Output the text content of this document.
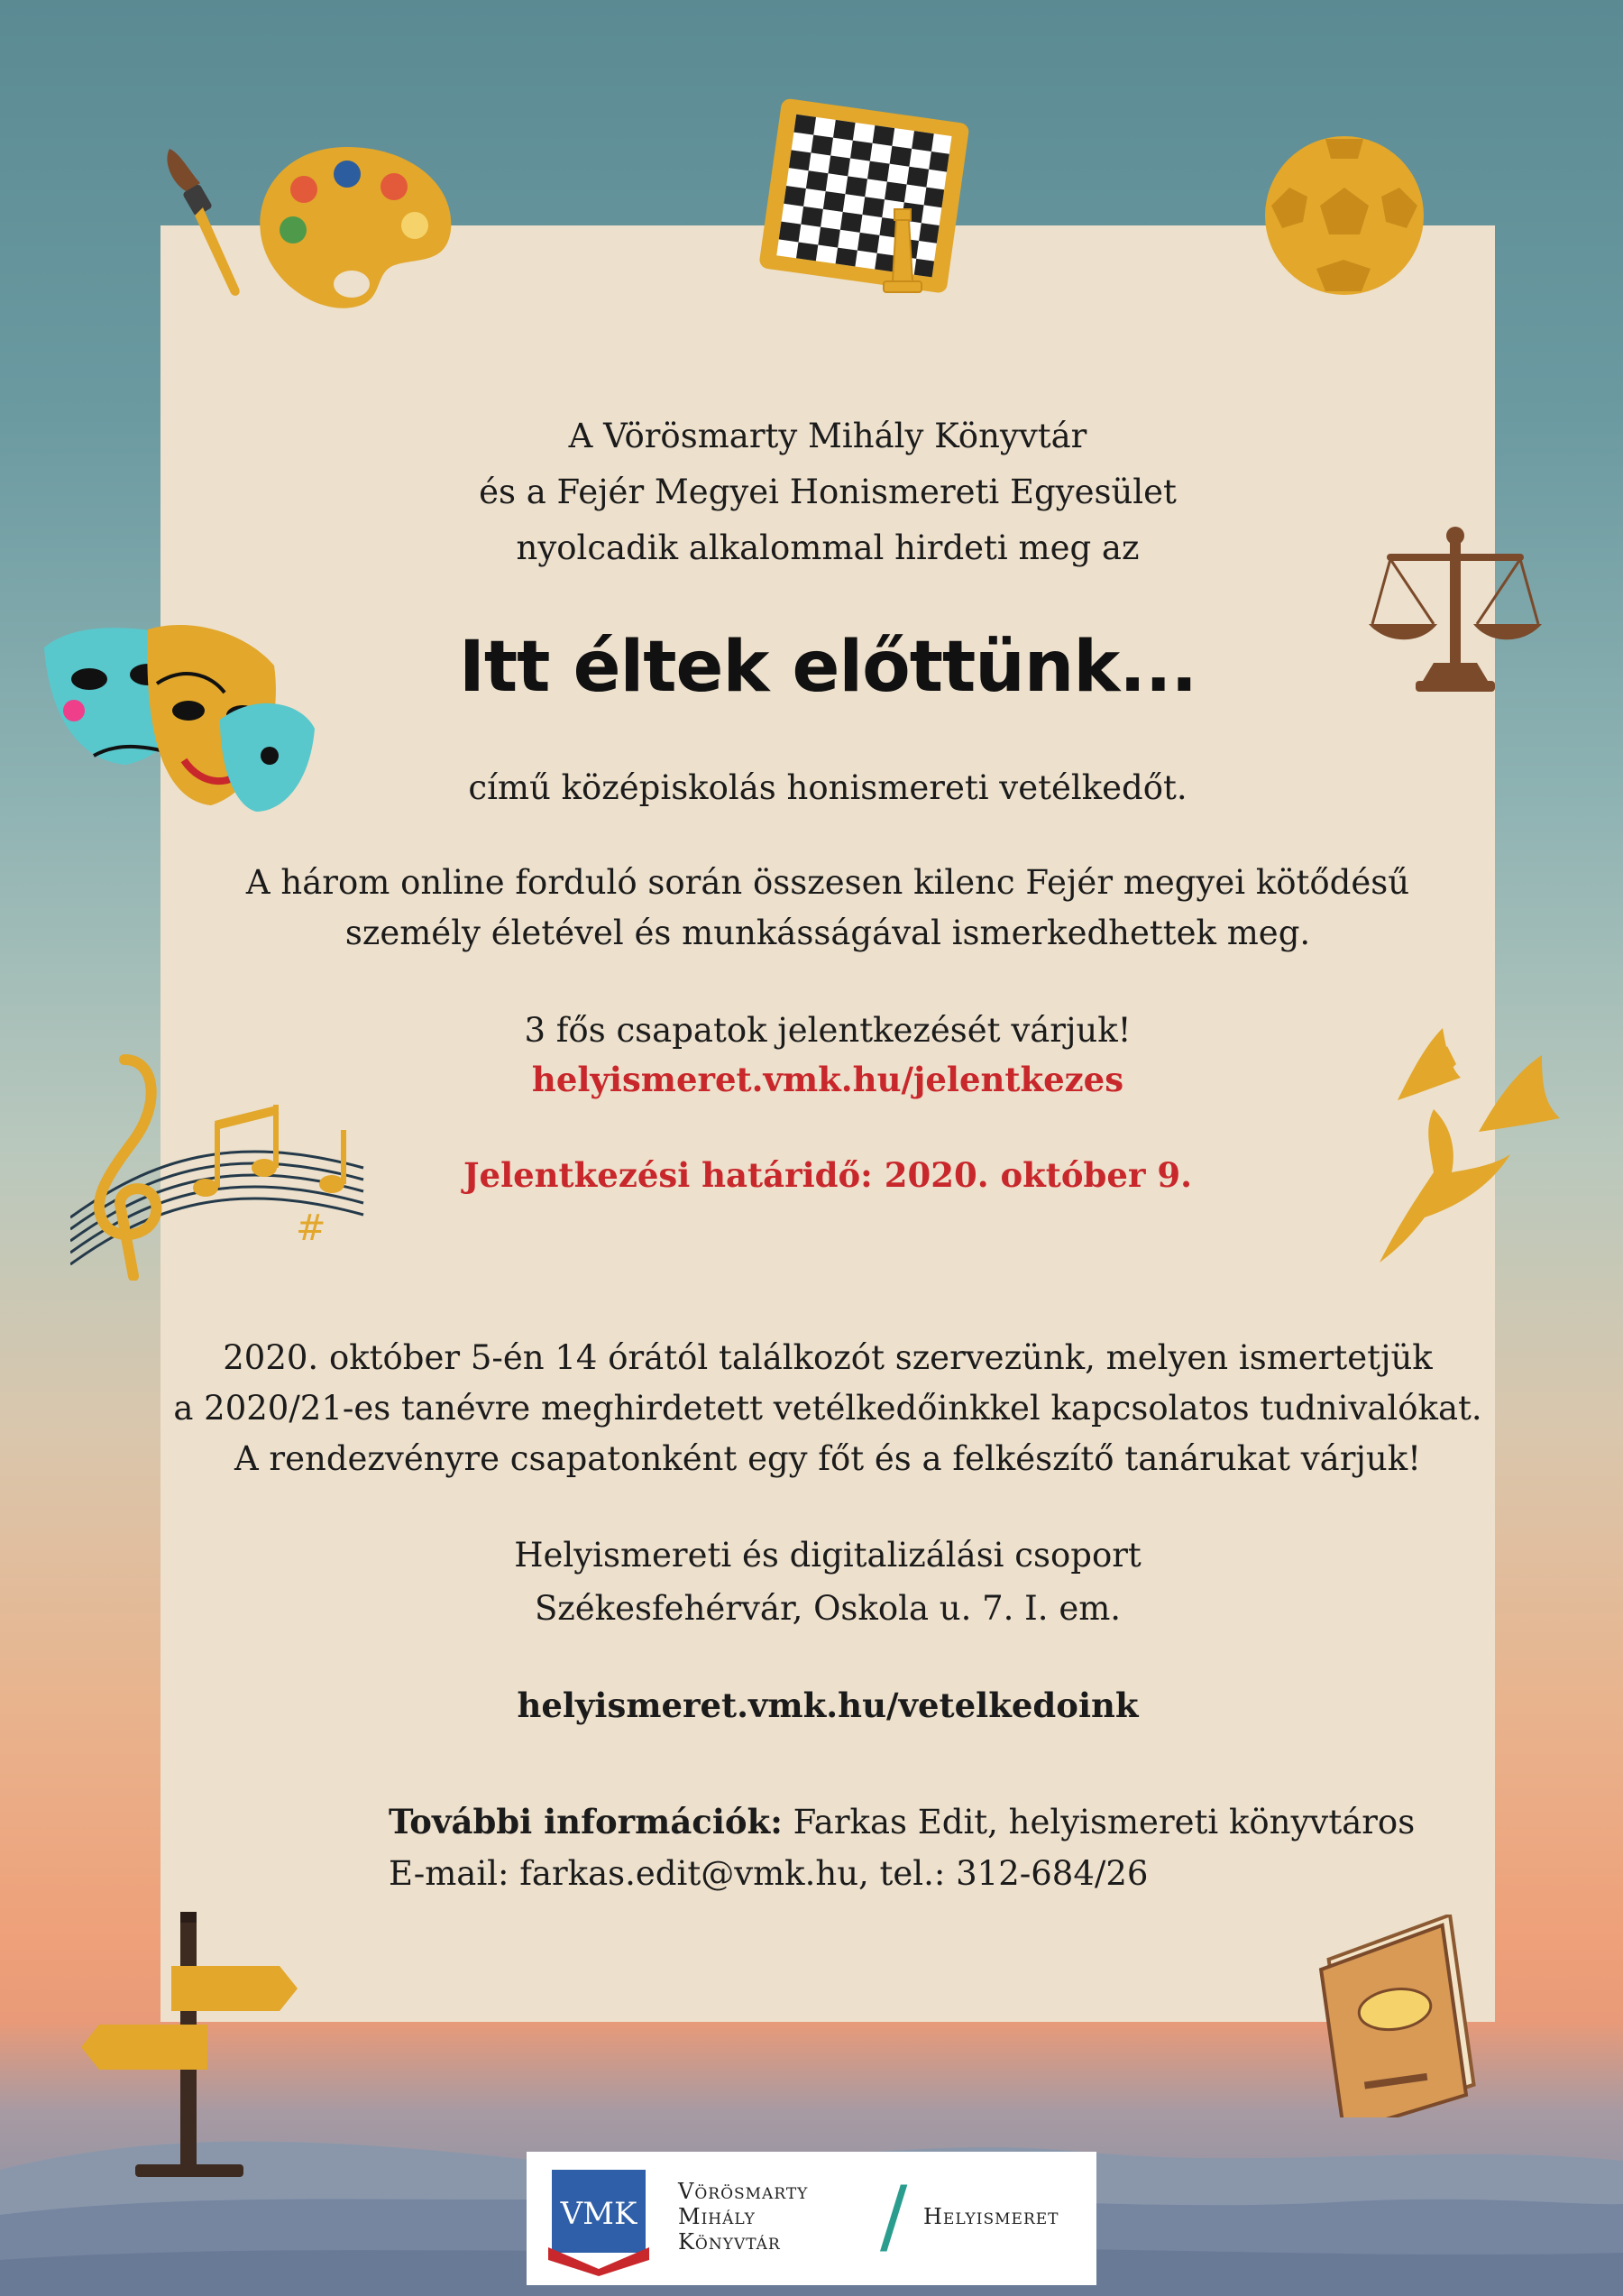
A Vörösmarty Mihály Könyvtár
és a Fejér Megyei Honismereti Egyesület
nyolcadik alkalommal hirdeti meg az
Itt éltek előttünk...
című középiskolás honismereti vetélkedőt.
A három online forduló során összesen kilenc Fejér megyei kötődésű
személy életével és munkásságával ismerkedhettek meg.
3 fős csapatok jelentkezését várjuk!
helyismeret.vmk.hu/jelentkezes
Jelentkezési határidő: 2020. október 9.
2020. október 5-én 14 órától találkozót szervezünk, melyen ismertetjük
a 2020/21-es tanévre meghirdetett vetélkedőinkkel kapcsolatos tudnivalókat.
A rendezvényre csapatonként egy főt és a felkészítő tanárukat várjuk!
Helyismereti és digitalizálási csoport
Székesfehérvár, Oskola u. 7. I. em.
helyismeret.vmk.hu/vetelkedoink
További információk: Farkas Edit, helyismereti könyvtáros
E-mail: farkas.edit@vmk.hu, tel.: 312-684/26
#
VMK
Vörösmarty
Mihály
Könyvtár	/ Helyismeret
